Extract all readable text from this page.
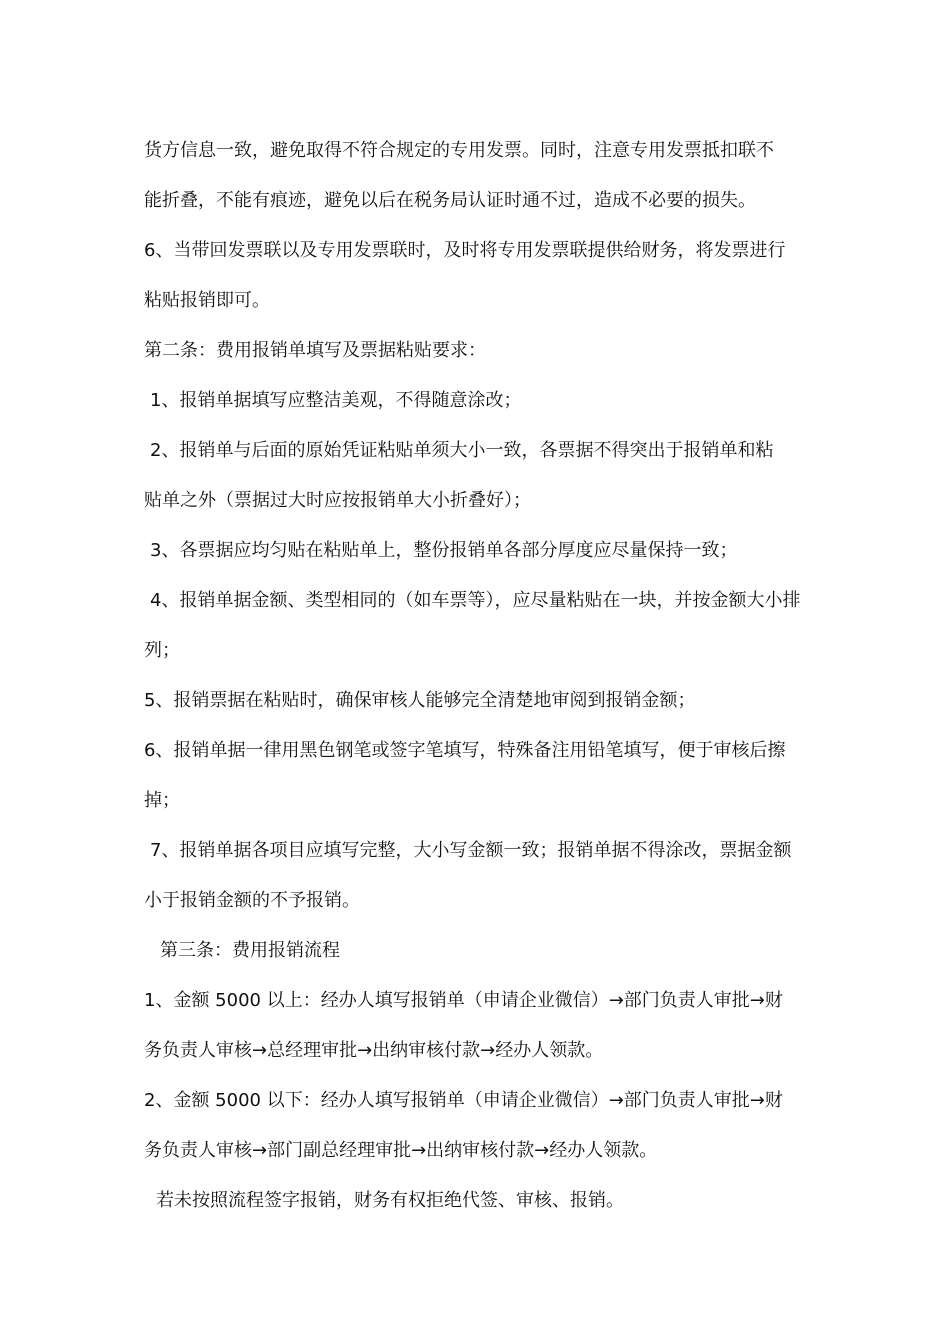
货方信息一致，避免取得不符合规定的专用发票。同时，注意专用发票抵扣联不
能折叠，不能有痕迹，避免以后在税务局认证时通不过，造成不必要的损失。
6、当带回发票联以及专用发票联时，及时将专用发票联提供给财务，将发票进行
粘贴报销即可。
第二条：费用报销单填写及票据粘贴要求：
1、报销单据填写应整洁美观，不得随意涂改；
2、报销单与后面的原始凭证粘贴单须大小一致，各票据不得突出于报销单和粘
贴单之外（票据过大时应按报销单大小折叠好）；
3、各票据应均匀贴在粘贴单上，整份报销单各部分厚度应尽量保持一致；
4、报销单据金额、类型相同的（如车票等），应尽量粘贴在一块，并按金额大小排
列；
5、报销票据在粘贴时，确保审核人能够完全清楚地审阅到报销金额；
6、报销单据一律用黑色钢笔或签字笔填写，特殊备注用铅笔填写，便于审核后擦
掉；
7、报销单据各项目应填写完整，大小写金额一致；报销单据不得涂改，票据金额
小于报销金额的不予报销。
第三条：费用报销流程
1、金额 5000 以上：经办人填写报销单（申请企业微信）→部门负责人审批→财
务负责人审核→总经理审批→出纳审核付款→经办人领款。
2、金额 5000 以下：经办人填写报销单（申请企业微信）→部门负责人审批→财
务负责人审核→部门副总经理审批→出纳审核付款→经办人领款。
若未按照流程签字报销，财务有权拒绝代签、审核、报销。
